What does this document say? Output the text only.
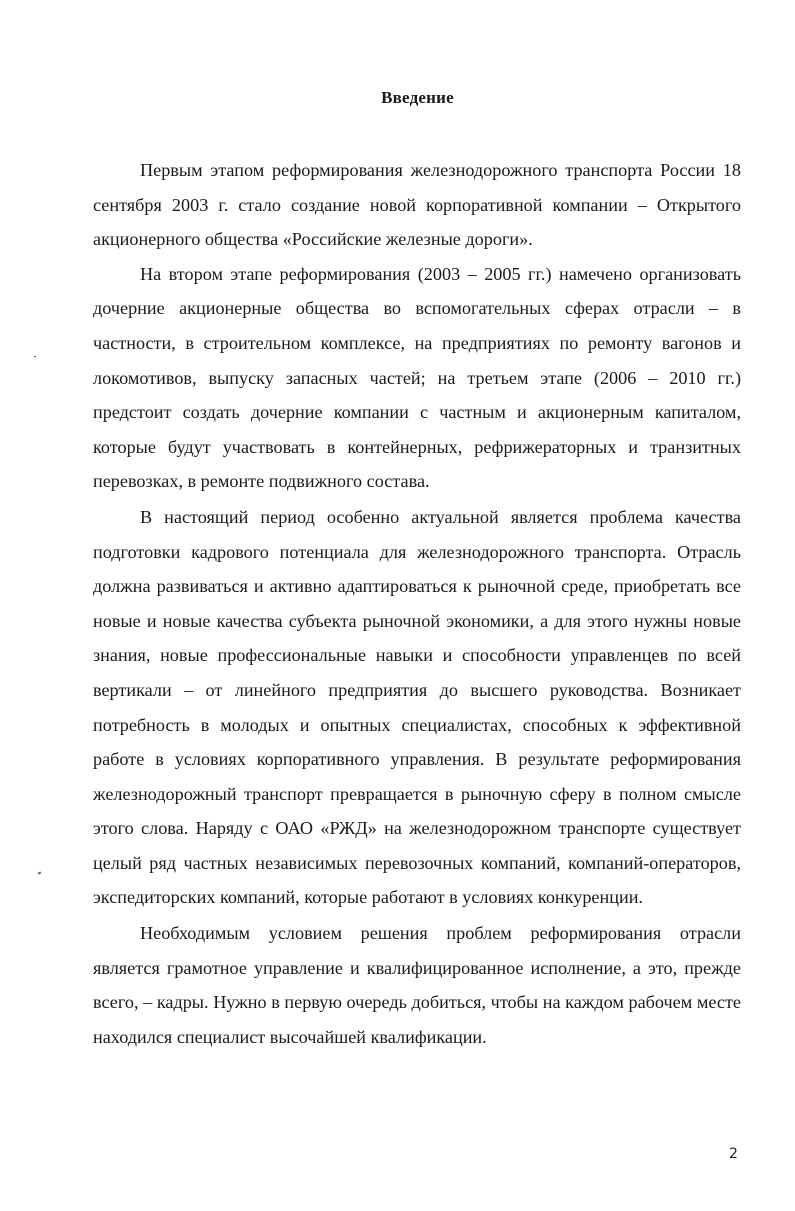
Введение

Первым этапом реформирования железнодорожного транспорта России 18 сентября 2003 г. стало создание новой корпоративной компании – Открытого акционерного общества «Российские железные дороги».

На втором этапе реформирования (2003 – 2005 гг.) намечено организовать дочерние акционерные общества во вспомогательных сферах отрасли – в частности, в строительном комплексе, на предприятиях по ремонту вагонов и локомотивов, выпуску запасных частей; на третьем этапе (2006 – 2010 гг.) предстоит создать дочерние компании с частным и акционерным капиталом, которые будут участвовать в контейнерных, рефрижераторных и транзитных перевозках, в ремонте подвижного состава.

В настоящий период особенно актуальной является проблема качества подготовки кадрового потенциала для железнодорожного транспорта. Отрасль должна развиваться и активно адаптироваться к рыночной среде, приобретать все новые и новые качества субъекта рыночной экономики, а для этого нужны новые знания, новые профессиональные навыки и способности управленцев по всей вертикали – от линейного предприятия до высшего руководства. Возникает потребность в молодых и опытных специалистах, способных к эффективной работе в условиях корпоративного управления. В результате реформирования железнодорожный транспорт превращается в рыночную сферу в полном смысле этого слова. Наряду с ОАО «РЖД» на железнодорожном транспорте существует целый ряд частных независимых перевозочных компаний, компаний-операторов, экспедиторских компаний, которые работают в условиях конкуренции.

Необходимым условием решения проблем реформирования отрасли является грамотное управление и квалифицированное исполнение, а это, прежде всего, – кадры. Нужно в первую очередь добиться, чтобы на каждом рабочем месте находился специалист высочайшей квалификации.

2
